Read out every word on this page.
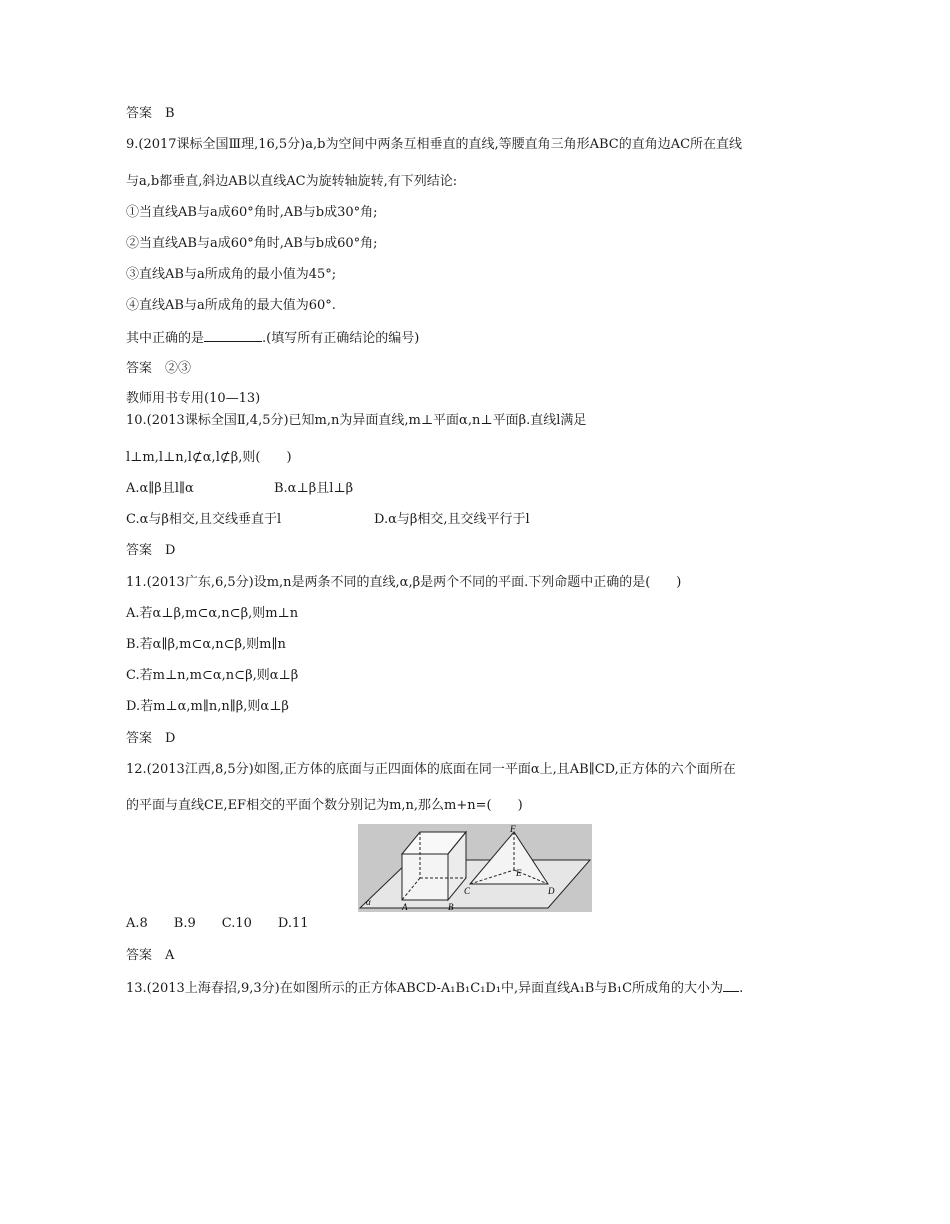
答案　B
9.(2017课标全国Ⅲ理,16,5分)a,b为空间中两条互相垂直的直线,等腰直角三角形ABC的直角边AC所在直线
与a,b都垂直,斜边AB以直线AC为旋转轴旋转,有下列结论:
①当直线AB与a成60°角时,AB与b成30°角;
②当直线AB与a成60°角时,AB与b成60°角;
③直线AB与a所成角的最小值为45°;
④直线AB与a所成角的最大值为60°.
其中正确的是	.(填写所有正确结论的编号)
答案　②③
教师用书专用(10—13)
10.(2013课标全国Ⅱ,4,5分)已知m,n为异面直线,m⊥平面α,n⊥平面β.直线l满足
l⊥m,l⊥n,l⊄α,l⊄β,则(　　)
A.α∥β且l∥α	B.α⊥β且l⊥β
C.α与β相交,且交线垂直于l	D.α与β相交,且交线平行于l
答案　D
11.(2013广东,6,5分)设m,n是两条不同的直线,α,β是两个不同的平面.下列命题中正确的是(　　)
A.若α⊥β,m⊂α,n⊂β,则m⊥n
B.若α∥β,m⊂α,n⊂β,则m∥n
C.若m⊥n,m⊂α,n⊂β,则α⊥β
D.若m⊥α,m∥n,n∥β,则α⊥β
答案　D
12.(2013江西,8,5分)如图,正方体的底面与正四面体的底面在同一平面α上,且AB∥CD,正方体的六个面所在
的平面与直线CE,EF相交的平面个数分别记为m,n,那么m+n=(　　)
A	B
C	D
E
F
α
A.8　　B.9　　C.10　　D.11
答案　A
13.(2013上海春招,9,3分)在如图所示的正方体ABCD-A₁B₁C₁D₁中,异面直线A₁B与B₁C所成角的大小为 .
